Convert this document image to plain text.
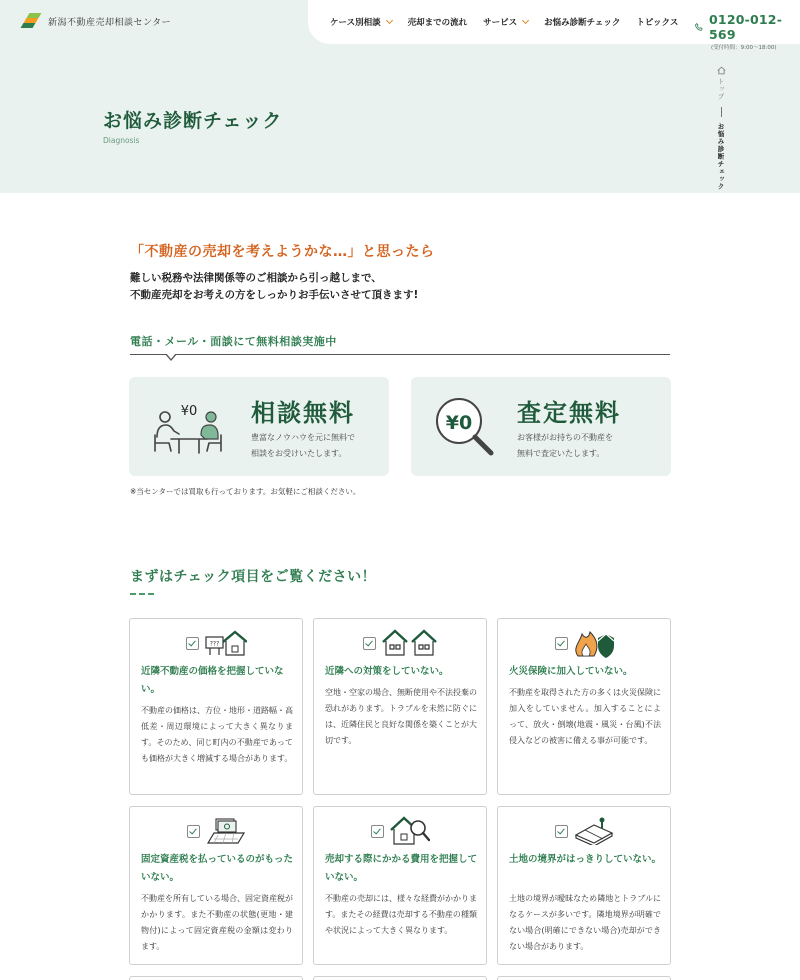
新潟不動産売却相談センター	ケース別相談	売却までの流れ サービス	お悩み診断チェック トピックス 0120-012-569
(受付時間：9:00〜18:00)
お悩み診断チェック
Diagnosis
トップ
お悩み診断チェック
「不動産の売却を考えようかな…」と思ったら
難しい税務や法律関係等のご相談から引っ越しまで、
不動産売却をお考えの方をしっかりお手伝いさせて頂きます!
電話・メール・面談にて無料相談実施中
¥0 相談無料
豊富なノウハウを元に無料で
相談をお受けいたします。
¥0 査定無料
お客様がお持ちの不動産を
無料で査定いたします。
※当センターでは買取も行っております。お気軽にご相談ください。
まずはチェック項目をご覧ください！
???
近隣不動産の価格を把握していない。
不動産の価格は、方位・地形・道路幅・高低差・周辺環境によって大きく異なります。そのため、同じ町内の不動産であっても価格が大きく増減する場合があります。
近隣への対策をしていない。
空地・空家の場合、無断使用や不法投棄の恐れがあります。トラブルを未然に防ぐには、近隣住民と良好な関係を築くことが大切です。
火災保険に加入していない。
不動産を取得された方の多くは火災保険に加入をしていません。加入することによって、放火・倒壊(地震・風災・台風)不法侵入などの被害に備える事が可能です。
固定資産税を払っているのがもったいない。
不動産を所有している場合、固定資産税がかかります。また不動産の状態(更地・建物付)によって固定資産税の金額は変わります。
売却する際にかかる費用を把握していない。
不動産の売却には、様々な経費がかかります。またその経費は売却する不動産の種類や状況によって大きく異なります。
土地の境界がはっきりしていない。
土地の境界が曖昧なため隣地とトラブルになるケースが多いです。隣地境界が明確でない場合(明確にできない場合)売却ができない場合があります。
